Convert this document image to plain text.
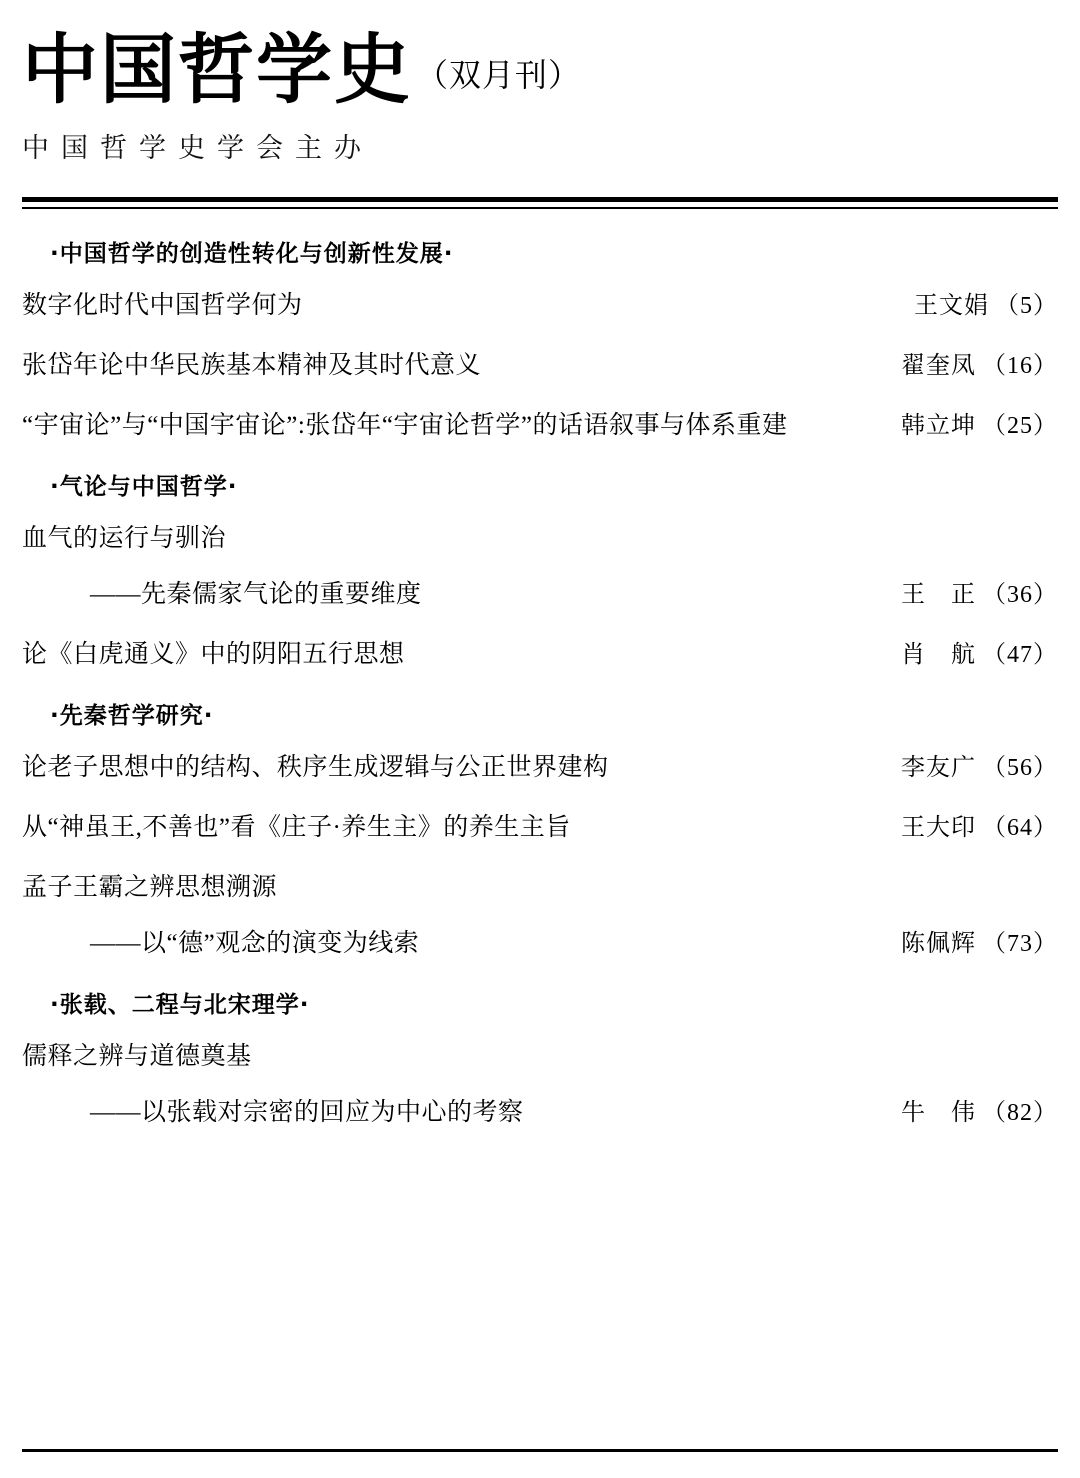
中国哲学史 （双月刊）
中国哲学史学会主办
·中国哲学的创造性转化与创新性发展·
数字化时代中国哲学何为	王文娟 （5）
张岱年论中华民族基本精神及其时代意义	翟奎凤 （16）
“宇宙论”与“中国宇宙论”:张岱年“宇宙论哲学”的话语叙事与体系重建	韩立坤 （25）
·气论与中国哲学·
血气的运行与驯治
——先秦儒家气论的重要维度	王　正 （36）
论《白虎通义》中的阴阳五行思想	肖　航 （47）
·先秦哲学研究·
论老子思想中的结构、秩序生成逻辑与公正世界建构	李友广 （56）
从“神虽王,不善也”看《庄子·养生主》的养生主旨	王大印 （64）
孟子王霸之辨思想溯源
——以“德”观念的演变为线索	陈佩辉 （73）
·张载、二程与北宋理学·
儒释之辨与道德奠基
——以张载对宗密的回应为中心的考察	牛　伟 （82）
